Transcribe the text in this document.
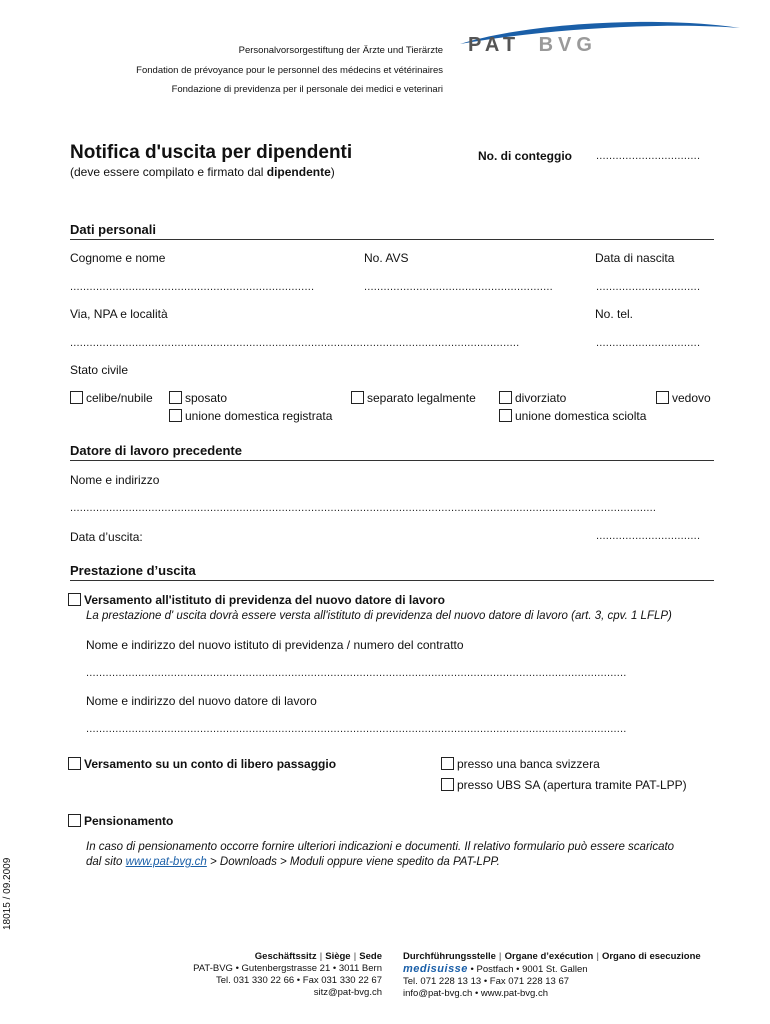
Personalvorsorgestiftung der Ärzte und Tierärzte
Fondation de prévoyance pour le personnel des médecins et vétérinaires
Fondazione di previdenza per il personale dei medici e veterinari
PAT BVG
Notifica d'uscita per dipendenti
(deve essere compilato e firmato dal dipendente)
No. di conteggio ................................
Dati personali
Cognome e nome	No. AVS	Data di nascita
...........................................................................	..........................................................	................................
Via, NPA e località	No. tel.
..........................................................................................................................................	................................
Stato civile
celibe/nubile	sposato	separato legalmente	divorziato	vedovo
unione domestica registrata	unione domestica sciolta
Datore di lavoro precedente
Nome e indirizzo
....................................................................................................................................................................................
Data d’uscita:	................................
Prestazione d’uscita
Versamento all'istituto di previdenza del nuovo datore di lavoro
La prestazione d' uscita dovrà essere versta all'istituto di previdenza del nuovo datore di lavoro (art. 3, cpv. 1 LFLP)
Nome e indirizzo del nuovo istituto di previdenza / numero del contratto
......................................................................................................................................................................
Nome e indirizzo del nuovo datore di lavoro
......................................................................................................................................................................
Versamento su un conto di libero passaggio	presso una banca svizzera
presso UBS SA (apertura tramite PAT-LPP)
Pensionamento
In caso di pensionamento occorre fornire ulteriori indicazioni e documenti. Il relativo formulario può essere scaricato
dal sito www.pat-bvg.ch > Downloads > Moduli oppure viene spedito da PAT-LPP.
18015 / 09.2009
Geschäftssitz | Siège | Sede
PAT-BVG • Gutenbergstrasse 21 • 3011 Bern
Tel. 031 330 22 66 • Fax 031 330 22 67
sitz@pat-bvg.ch
Durchführungsstelle | Organe d’exécution | Organo di esecuzione
medisuisse • Postfach • 9001 St. Gallen
Tel. 071 228 13 13 • Fax 071 228 13 67
info@pat-bvg.ch • www.pat-bvg.ch
